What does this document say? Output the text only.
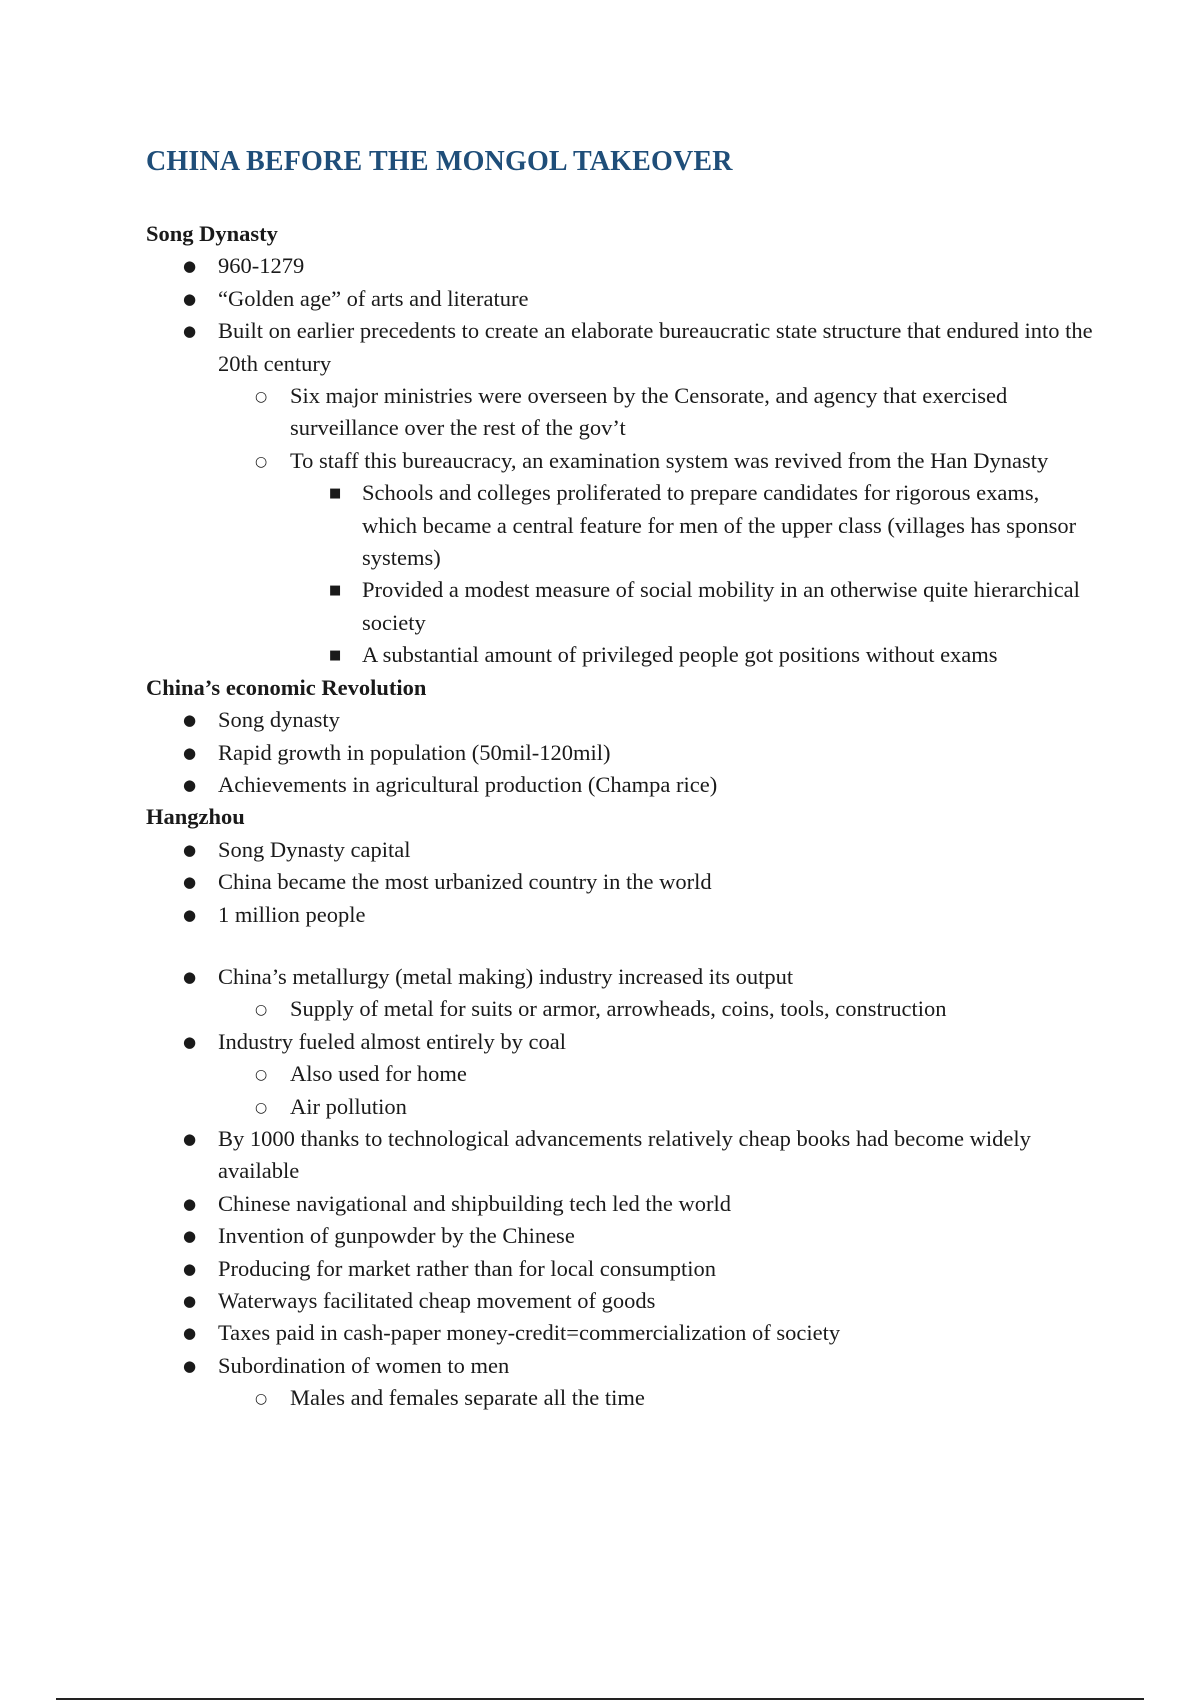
CHINA BEFORE THE MONGOL TAKEOVER

Song Dynasty

● 960-1279
● “Golden age” of arts and literature
● Built on earlier precedents to create an elaborate bureaucratic state structure that endured into the 20th century
○ Six major ministries were overseen by the Censorate, and agency that exercised surveillance over the rest of the gov’t
○ To staff this bureaucracy, an examination system was revived from the Han Dynasty
■ Schools and colleges proliferated to prepare candidates for rigorous exams, which became a central feature for men of the upper class (villages has sponsor systems)
■ Provided a modest measure of social mobility in an otherwise quite hierarchical society
■ A substantial amount of privileged people got positions without exams

China’s economic Revolution

● Song dynasty
● Rapid growth in population (50mil-120mil)
● Achievements in agricultural production (Champa rice)

Hangzhou

● Song Dynasty capital
● China became the most urbanized country in the world
● 1 million people
● China’s metallurgy (metal making) industry increased its output
○ Supply of metal for suits or armor, arrowheads, coins, tools, construction
● Industry fueled almost entirely by coal
○ Also used for home
○ Air pollution
● By 1000 thanks to technological advancements relatively cheap books had become widely available
● Chinese navigational and shipbuilding tech led the world
● Invention of gunpowder by the Chinese
● Producing for market rather than for local consumption
● Waterways facilitated cheap movement of goods
● Taxes paid in cash-paper money-credit=commercialization of society
● Subordination of women to men
○ Males and females separate all the time
